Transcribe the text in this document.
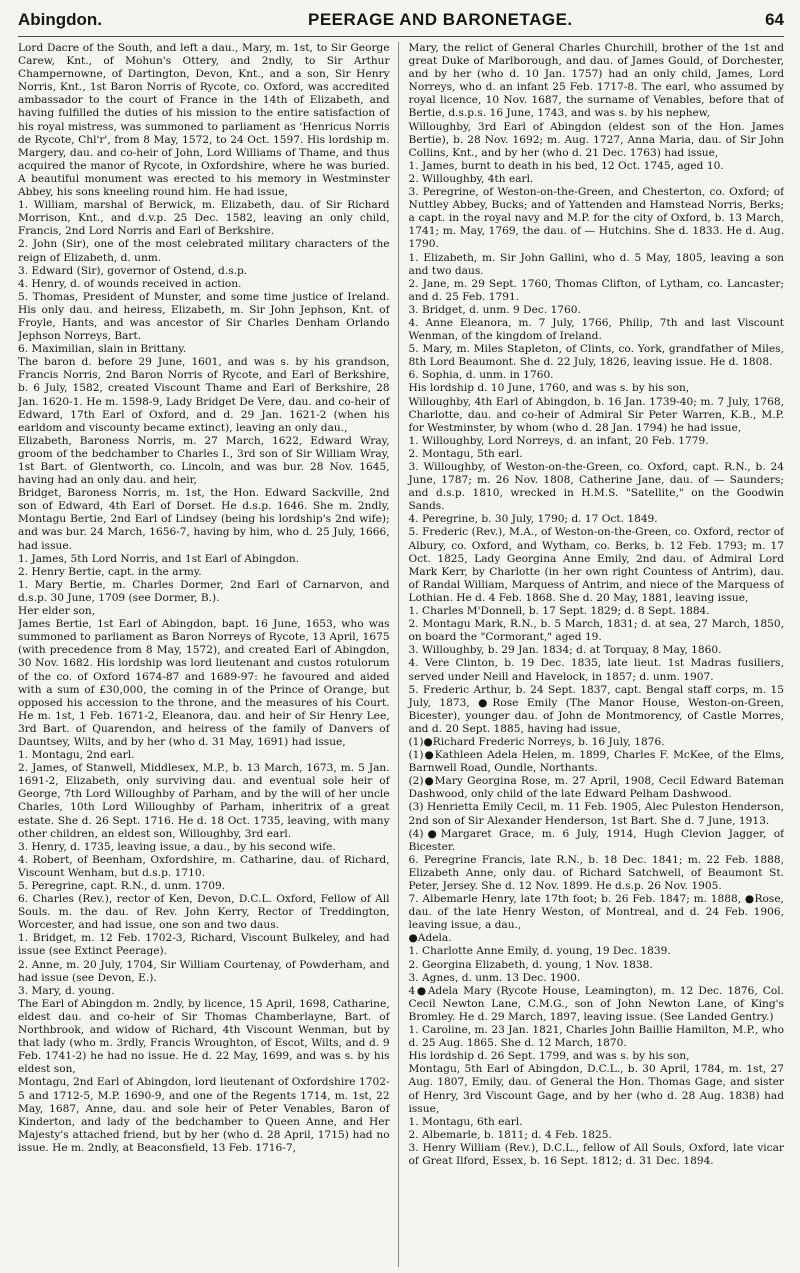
Abingdon.	PEERAGE AND BARONETAGE.	64

Lord Dacre of the South, and left a dau., Mary, m. 1st, to Sir George Carew, Knt., of Mohun's Ottery, and 2ndly, to Sir Arthur Champernowne, of Dartington, Devon, Knt., and a son, Sir Henry Norris, Knt., 1st Baron Norris of Rycote, co. Oxford, was accredited ambassador to the court of France in the 14th of Elizabeth, and having fulfilled the duties of his mission to the entire satisfaction of his royal mistress, was summoned to parliament as 'Henricus Norris de Rycote, Chl'r', from 8 May, 1572, to 24 Oct. 1597. His lordship m. Margery, dau. and co-heir of John, Lord Williams of Thame, and thus acquired the manor of Rycote, in Oxfordshire, where he was buried. A beautiful monument was erected to his memory in Westminster Abbey, his sons kneeling round him. He had issue,

1. William, marshal of Berwick, m. Elizabeth, dau. of Sir Richard Morrison, Knt., and d.v.p. 25 Dec. 1582, leaving an only child, Francis, 2nd Lord Norris and Earl of Berkshire.

2. John (Sir), one of the most celebrated military characters of the reign of Elizabeth, d. unm.

3. Edward (Sir), governor of Ostend, d.s.p.

4. Henry, d. of wounds received in action.

5. Thomas, President of Munster, and some time justice of Ireland. His only dau. and heiress, Elizabeth, m. Sir John Jephson, Knt. of Froyle, Hants, and was ancestor of Sir Charles Denham Orlando Jephson Norreys, Bart.

6. Maximilian, slain in Brittany.

The baron d. before 29 June, 1601, and was s. by his grandson, Francis Norris, 2nd Baron Norris of Rycote, and Earl of Berkshire, b. 6 July, 1582, created Viscount Thame and Earl of Berkshire, 28 Jan. 1620-1. He m. 1598-9, Lady Bridget De Vere, dau. and co-heir of Edward, 17th Earl of Oxford, and d. 29 Jan. 1621-2 (when his earldom and viscounty became extinct), leaving an only dau.,

Elizabeth, Baroness Norris, m. 27 March, 1622, Edward Wray, groom of the bedchamber to Charles I., 3rd son of Sir William Wray, 1st Bart. of Glentworth, co. Lincoln, and was bur. 28 Nov. 1645, having had an only dau. and heir,

Bridget, Baroness Norris, m. 1st, the Hon. Edward Sackville, 2nd son of Edward, 4th Earl of Dorset. He d.s.p. 1646. She m. 2ndly, Montagu Bertie, 2nd Earl of Lindsey (being his lordship's 2nd wife); and was bur. 24 March, 1656-7, having by him, who d. 25 July, 1666, had issue.

1. James, 5th Lord Norris, and 1st Earl of Abingdon.

2. Henry Bertie, capt. in the army.

1. Mary Bertie, m. Charles Dormer, 2nd Earl of Carnarvon, and d.s.p. 30 June, 1709 (see Dormer, B.).

Her elder son,

James Bertie, 1st Earl of Abingdon, bapt. 16 June, 1653, who was summoned to parliament as Baron Norreys of Rycote, 13 April, 1675 (with precedence from 8 May, 1572), and created Earl of Abingdon, 30 Nov. 1682. His lordship was lord lieutenant and custos rotulorum of the co. of Oxford 1674-87 and 1689-97: he favoured and aided with a sum of £30,000, the coming in of the Prince of Orange, but opposed his accession to the throne, and the measures of his Court. He m. 1st, 1 Feb. 1671-2, Eleanora, dau. and heir of Sir Henry Lee, 3rd Bart. of Quarendon, and heiress of the family of Danvers of Dauntsey, Wilts, and by her (who d. 31 May, 1691) had issue,

1. Montagu, 2nd earl.

2. James, of Stanwell, Middlesex, M.P., b. 13 March, 1673, m. 5 Jan. 1691-2, Elizabeth, only surviving dau. and eventual sole heir of George, 7th Lord Willoughby of Parham, and by the will of her uncle Charles, 10th Lord Willoughby of Parham, inheritrix of a great estate. She d. 26 Sept. 1716. He d. 18 Oct. 1735, leaving, with many other children, an eldest son, Willoughby, 3rd earl.

3. Henry, d. 1735, leaving issue, a dau., by his second wife.

4. Robert, of Beenham, Oxfordshire, m. Catharine, dau. of Richard, Viscount Wenham, but d.s.p. 1710.

5. Peregrine, capt. R.N., d. unm. 1709.

6. Charles (Rev.), rector of Ken, Devon, D.C.L. Oxford, Fellow of All Souls. m. the dau. of Rev. John Kerry, Rector of Treddington, Worcester, and had issue, one son and two daus.

1. Bridget, m. 12 Feb. 1702-3, Richard, Viscount Bulkeley, and had issue (see Extinct Peerage).

2. Anne, m. 20 July, 1704, Sir William Courtenay, of Powderham, and had issue (see Devon, E.).

3. Mary, d. young.

The Earl of Abingdon m. 2ndly, by licence, 15 April, 1698, Catharine, eldest dau. and co-heir of Sir Thomas Chamberlayne, Bart. of Northbrook, and widow of Richard, 4th Viscount Wenman, but by that lady (who m. 3rdly, Francis Wroughton, of Escot, Wilts, and d. 9 Feb. 1741-2) he had no issue. He d. 22 May, 1699, and was s. by his eldest son,

Montagu, 2nd Earl of Abingdon, lord lieutenant of Oxfordshire 1702-5 and 1712-5, M.P. 1690-9, and one of the Regents 1714, m. 1st, 22 May, 1687, Anne, dau. and sole heir of Peter Venables, Baron of Kinderton, and lady of the bedchamber to Queen Anne, and Her Majesty's attached friend, but by her (who d. 28 April, 1715) had no issue. He m. 2ndly, at Beaconsfield, 13 Feb. 1716-7,

Mary, the relict of General Charles Churchill, brother of the 1st and great Duke of Marlborough, and dau. of James Gould, of Dorchester, and by her (who d. 10 Jan. 1757) had an only child, James, Lord Norreys, who d. an infant 25 Feb. 1717-8. The earl, who assumed by royal licence, 10 Nov. 1687, the surname of Venables, before that of Bertie, d.s.p.s. 16 June, 1743, and was s. by his nephew,

Willoughby, 3rd Earl of Abingdon (eldest son of the Hon. James Bertie), b. 28 Nov. 1692; m. Aug. 1727, Anna Maria, dau. of Sir John Collins, Knt., and by her (who d. 21 Dec. 1763) had issue,

1. James, burnt to death in his bed, 12 Oct. 1745, aged 10.

2. Willoughby, 4th earl.

3. Peregrine, of Weston-on-the-Green, and Chesterton, co. Oxford; of Nuttley Abbey, Bucks; and of Yattenden and Hamstead Norris, Berks; a capt. in the royal navy and M.P. for the city of Oxford, b. 13 March, 1741; m. May, 1769, the dau. of — Hutchins. She d. 1833. He d. Aug. 1790.

1. Elizabeth, m. Sir John Gallini, who d. 5 May, 1805, leaving a son and two daus.

2. Jane, m. 29 Sept. 1760, Thomas Clifton, of Lytham, co. Lancaster; and d. 25 Feb. 1791.

3. Bridget, d. unm. 9 Dec. 1760.

4. Anne Eleanora, m. 7 July, 1766, Philip, 7th and last Viscount Wenman, of the kingdom of Ireland.

5. Mary, m. Miles Stapleton, of Clints, co. York, grandfather of Miles, 8th Lord Beaumont. She d. 22 July, 1826, leaving issue. He d. 1808.

6. Sophia, d. unm. in 1760.

His lordship d. 10 June, 1760, and was s. by his son,

Willoughby, 4th Earl of Abingdon, b. 16 Jan. 1739-40; m. 7 July, 1768, Charlotte, dau. and co-heir of Admiral Sir Peter Warren, K.B., M.P. for Westminster, by whom (who d. 28 Jan. 1794) he had issue,

1. Willoughby, Lord Norreys, d. an infant, 20 Feb. 1779.

2. Montagu, 5th earl.

3. Willoughby, of Weston-on-the-Green, co. Oxford, capt. R.N., b. 24 June, 1787; m. 26 Nov. 1808, Catherine Jane, dau. of — Saunders; and d.s.p. 1810, wrecked in H.M.S. "Satellite," on the Goodwin Sands.

4. Peregrine, b. 30 July, 1790; d. 17 Oct. 1849.

5. Frederic (Rev.), M.A., of Weston-on-the-Green, co. Oxford, rector of Albury, co. Oxford, and Wytham, co. Berks, b. 12 Feb. 1793; m. 17 Oct. 1825, Lady Georgina Anne Emily, 2nd dau. of Admiral Lord Mark Kerr, by Charlotte (in her own right Countess of Antrim), dau. of Randal William, Marquess of Antrim, and niece of the Marquess of Lothian. He d. 4 Feb. 1868. She d. 20 May, 1881, leaving issue,

1. Charles M'Donnell, b. 17 Sept. 1829; d. 8 Sept. 1884.

2. Montagu Mark, R.N., b. 5 March, 1831; d. at sea, 27 March, 1850, on board the "Cormorant," aged 19.

3. Willoughby, b. 29 Jan. 1834; d. at Torquay, 8 May, 1860.

4. Vere Clinton, b. 19 Dec. 1835, late lieut. 1st Madras fusiliers, served under Neill and Havelock, in 1857; d. unm. 1907.

5. Frederic Arthur, b. 24 Sept. 1837, capt. Bengal staff corps, m. 15 July, 1873, ●Rose Emily (The Manor House, Weston-on-Green, Bicester), younger dau. of John de Montmorency, of Castle Morres, and d. 20 Sept. 1885, having had issue,

(1)●Richard Frederic Norreys, b. 16 July, 1876.

(1)●Kathleen Adela Helen, m. 1899, Charles F. McKee, of the Elms, Barnwell Road, Oundle, Northants.

(2)●Mary Georgina Rose, m. 27 April, 1908, Cecil Edward Bateman Dashwood, only child of the late Edward Pelham Dashwood.

(3) Henrietta Emily Cecil, m. 11 Feb. 1905, Alec Puleston Henderson, 2nd son of Sir Alexander Henderson, 1st Bart. She d. 7 June, 1913.

(4)●Margaret Grace, m. 6 July, 1914, Hugh Clevion Jagger, of Bicester.

6. Peregrine Francis, late R.N., b. 18 Dec. 1841; m. 22 Feb. 1888, Elizabeth Anne, only dau. of Richard Satchwell, of Beaumont St. Peter, Jersey. She d. 12 Nov. 1899. He d.s.p. 26 Nov. 1905.

7. Albemarle Henry, late 17th foot; b. 26 Feb. 1847; m. 1888, ●Rose, dau. of the late Henry Weston, of Montreal, and d. 24 Feb. 1906, leaving issue, a dau.,

●Adela.

1. Charlotte Anne Emily, d. young, 19 Dec. 1839.

2. Georgina Elizabeth, d. young, 1 Nov. 1838.

3. Agnes, d. unm. 13 Dec. 1900.

4●Adela Mary (Rycote House, Leamington), m. 12 Dec. 1876, Col. Cecil Newton Lane, C.M.G., son of John Newton Lane, of King's Bromley. He d. 29 March, 1897, leaving issue. (See Landed Gentry.)

1. Caroline, m. 23 Jan. 1821, Charles John Baillie Hamilton, M.P., who d. 25 Aug. 1865. She d. 12 March, 1870.

His lordship d. 26 Sept. 1799, and was s. by his son,

Montagu, 5th Earl of Abingdon, D.C.L., b. 30 April, 1784, m. 1st, 27 Aug. 1807, Emily, dau. of General the Hon. Thomas Gage, and sister of Henry, 3rd Viscount Gage, and by her (who d. 28 Aug. 1838) had issue,

1. Montagu, 6th earl.

2. Albemarle, b. 1811; d. 4 Feb. 1825.

3. Henry William (Rev.), D.C.L., fellow of All Souls, Oxford, late vicar of Great Ilford, Essex, b. 16 Sept. 1812; d. 31 Dec. 1894.
